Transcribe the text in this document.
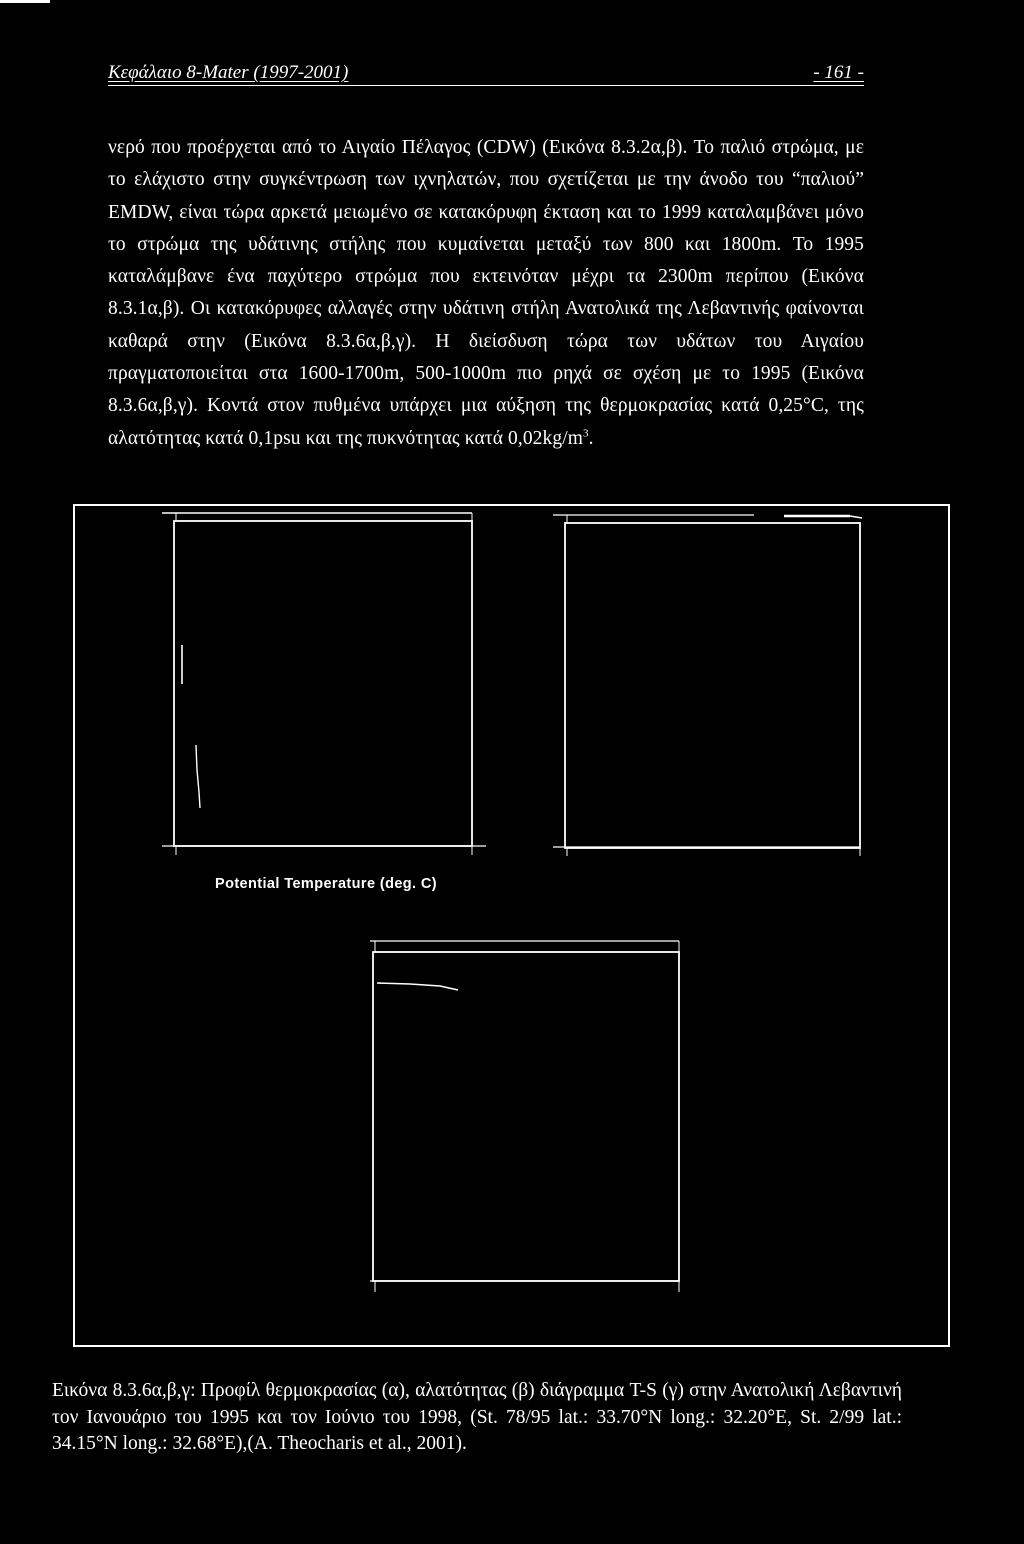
Κεφάλαιο 8-Mater (1997-2001)	- 161 -

νερό που προέρχεται από το Αιγαίο Πέλαγος (CDW) (Εικόνα 8.3.2α,β). Το παλιό στρώμα, με το ελάχιστο στην συγκέντρωση των ιχνηλατών, που σχετίζεται με την άνοδο του “παλιού” EMDW, είναι τώρα αρκετά μειωμένο σε κατακόρυφη έκταση και το 1999 καταλαμβάνει μόνο το στρώμα της υδάτινης στήλης που κυμαίνεται μεταξύ των 800 και 1800m. Το 1995 καταλάμβανε ένα παχύτερο στρώμα που εκτεινόταν μέχρι τα 2300m περίπου (Εικόνα 8.3.1α,β). Οι κατακόρυφες αλλαγές στην υδάτινη στήλη Ανατολικά της Λεβαντινής φαίνονται καθαρά στην (Εικόνα 8.3.6α,β,γ). Η διείσδυση τώρα των υδάτων του Αιγαίου πραγματοποιείται στα 1600-1700m, 500-1000m πιο ρηχά σε σχέση με το 1995 (Εικόνα 8.3.6α,β,γ). Κοντά στον πυθμένα υπάρχει μια αύξηση της θερμοκρασίας κατά 0,25°C, της αλατότητας κατά 0,1psu και της πυκνότητας κατά $0,02kg/m^3$.

Potential Temperature (deg. C)

Εικόνα 8.3.6α,β,γ: Προφίλ θερμοκρασίας (α), αλατότητας (β) διάγραμμα T-S (γ) στην Ανατολική Λεβαντινή τον Ιανουάριο του 1995 και τον Ιούνιο του 1998, (St. 78/95 lat.: 33.70°N long.: 32.20°E, St. 2/99 lat.: 34.15°N long.: 32.68°E),(A. Theocharis et al., 2001).
